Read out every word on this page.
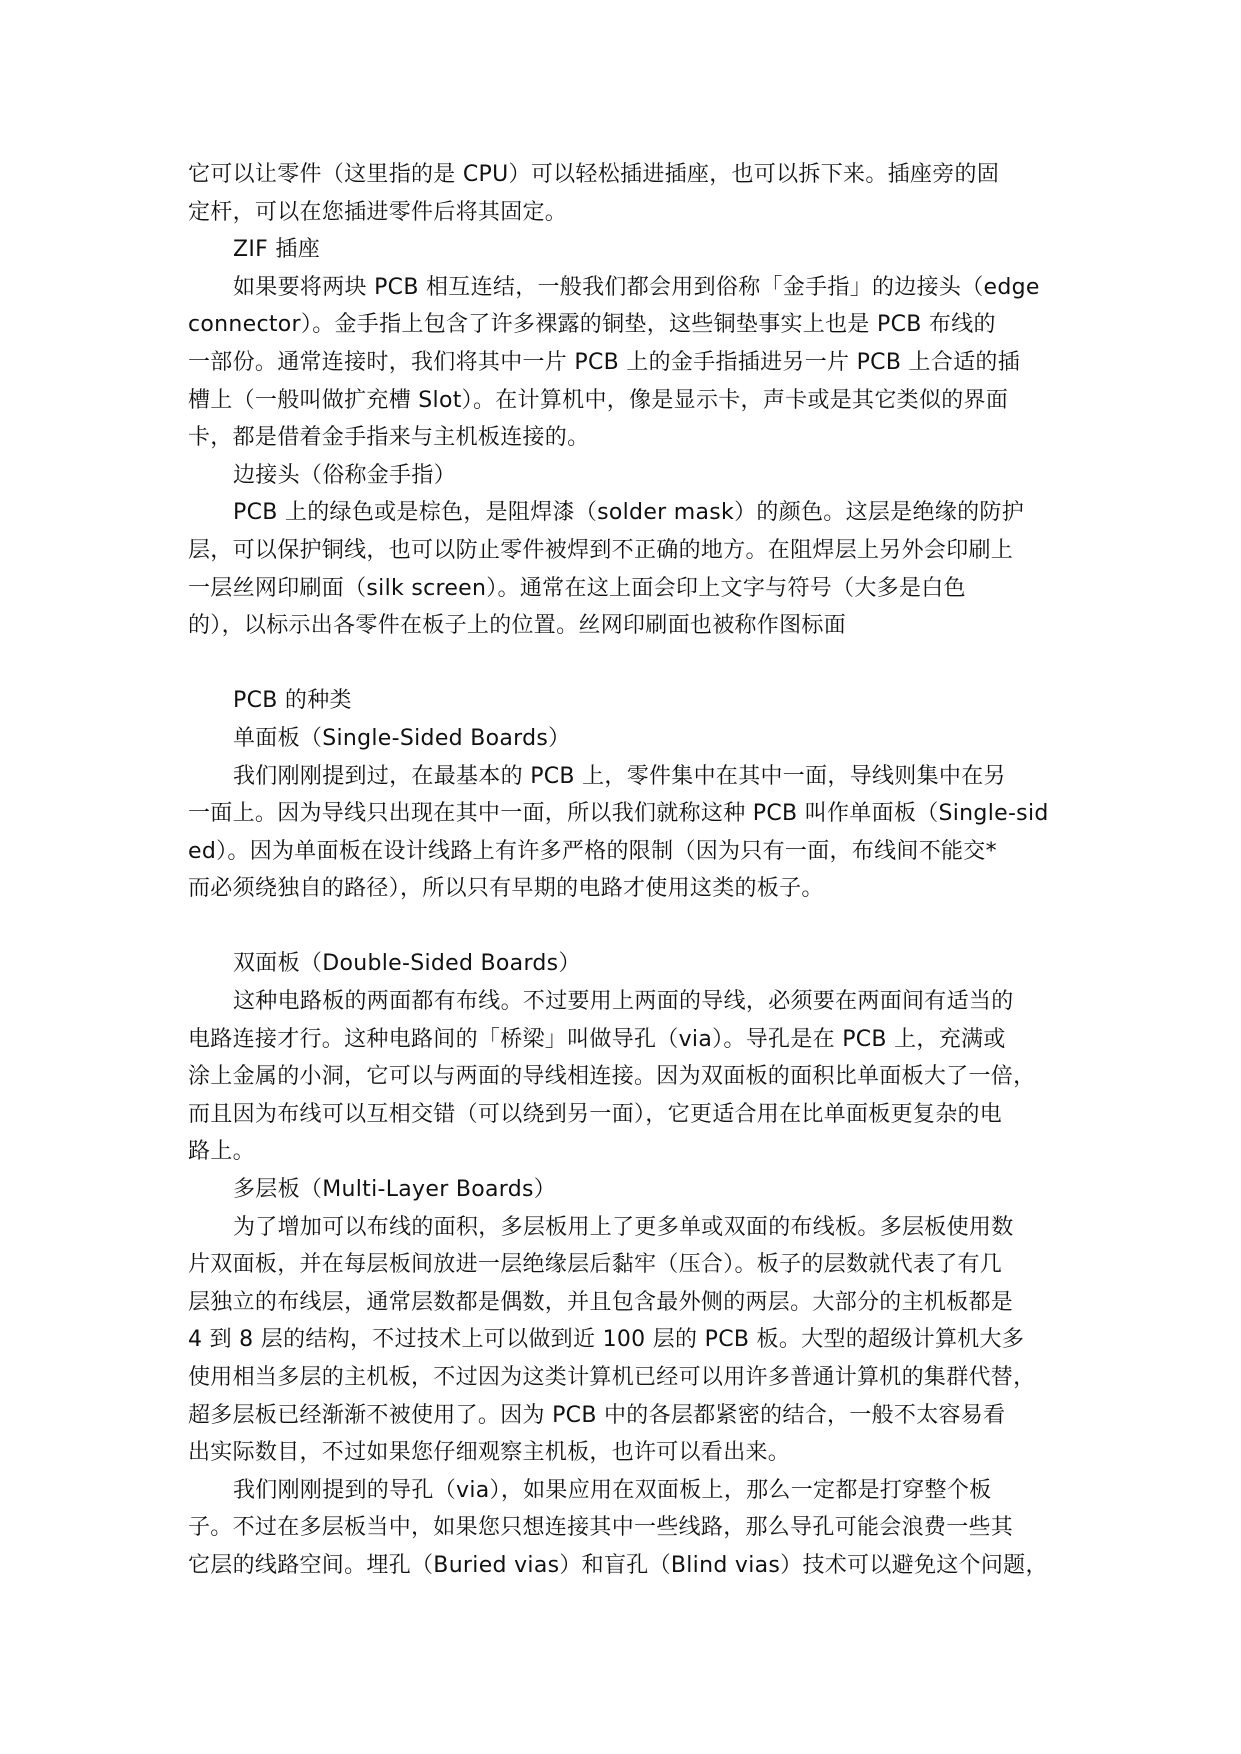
它可以让零件（这里指的是 CPU）可以轻松插进插座，也可以拆下来。插座旁的固
定杆，可以在您插进零件后将其固定。
ZIF 插座
如果要将两块 PCB 相互连结，一般我们都会用到俗称「金手指」的边接头（edge
connector）。金手指上包含了许多裸露的铜垫，这些铜垫事实上也是 PCB 布线的
一部份。通常连接时，我们将其中一片 PCB 上的金手指插进另一片 PCB 上合适的插
槽上（一般叫做扩充槽 Slot）。在计算机中，像是显示卡，声卡或是其它类似的界面
卡，都是借着金手指来与主机板连接的。
边接头（俗称金手指）
PCB 上的绿色或是棕色，是阻焊漆（solder mask）的颜色。这层是绝缘的防护
层，可以保护铜线，也可以防止零件被焊到不正确的地方。在阻焊层上另外会印刷上
一层丝网印刷面（silk screen）。通常在这上面会印上文字与符号（大多是白色
的），以标示出各零件在板子上的位置。丝网印刷面也被称作图标面
PCB 的种类
单面板（Single-Sided Boards）
我们刚刚提到过，在最基本的 PCB 上，零件集中在其中一面，导线则集中在另
一面上。因为导线只出现在其中一面，所以我们就称这种 PCB 叫作单面板（Single-sid
ed）。因为单面板在设计线路上有许多严格的限制（因为只有一面，布线间不能交*
而必须绕独自的路径），所以只有早期的电路才使用这类的板子。
双面板（Double-Sided Boards）
这种电路板的两面都有布线。不过要用上两面的导线，必须要在两面间有适当的
电路连接才行。这种电路间的「桥梁」叫做导孔（via）。导孔是在 PCB 上，充满或
涂上金属的小洞，它可以与两面的导线相连接。因为双面板的面积比单面板大了一倍，
而且因为布线可以互相交错（可以绕到另一面），它更适合用在比单面板更复杂的电
路上。
多层板（Multi-Layer Boards）
为了增加可以布线的面积，多层板用上了更多单或双面的布线板。多层板使用数
片双面板，并在每层板间放进一层绝缘层后黏牢（压合）。板子的层数就代表了有几
层独立的布线层，通常层数都是偶数，并且包含最外侧的两层。大部分的主机板都是
4 到 8 层的结构，不过技术上可以做到近 100 层的 PCB 板。大型的超级计算机大多
使用相当多层的主机板，不过因为这类计算机已经可以用许多普通计算机的集群代替，
超多层板已经渐渐不被使用了。因为 PCB 中的各层都紧密的结合，一般不太容易看
出实际数目，不过如果您仔细观察主机板，也许可以看出来。
我们刚刚提到的导孔（via），如果应用在双面板上，那么一定都是打穿整个板
子。不过在多层板当中，如果您只想连接其中一些线路，那么导孔可能会浪费一些其
它层的线路空间。埋孔（Buried vias）和盲孔（Blind vias）技术可以避免这个问题，
